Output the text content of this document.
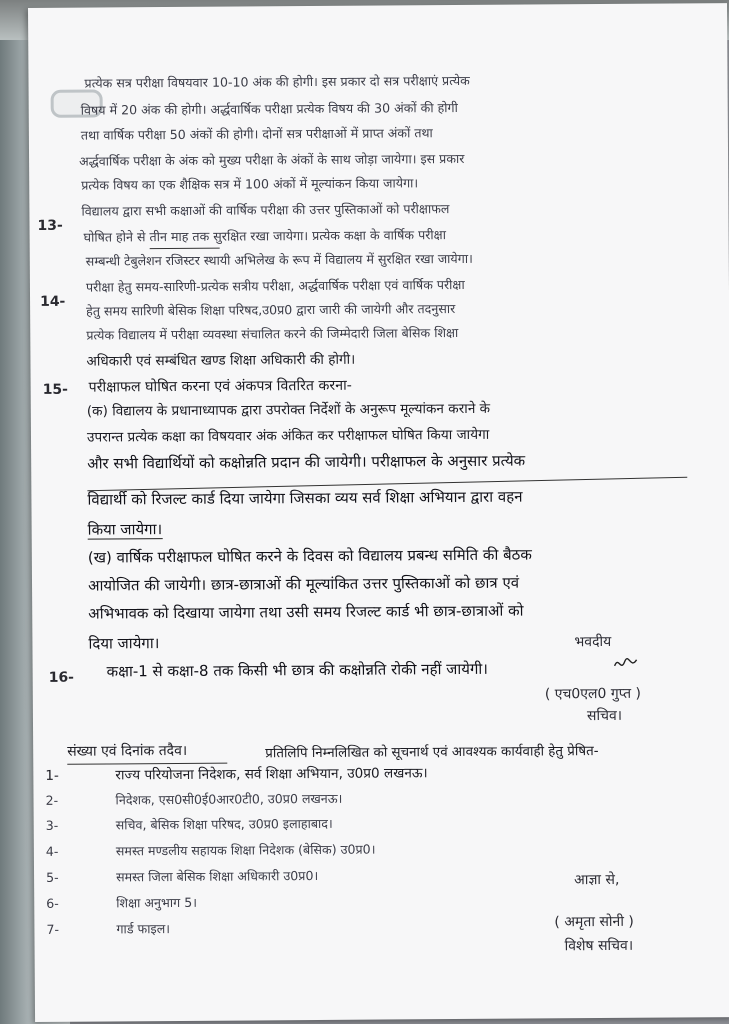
प्रत्येक सत्र परीक्षा विषयवार 10-10 अंक की होगी। इस प्रकार दो सत्र परीक्षाएं प्रत्येक
विषय में 20 अंक की होगी। अर्द्धवार्षिक परीक्षा प्रत्येक विषय की 30 अंकों की होगी
तथा वार्षिक परीक्षा 50 अंकों की होगी। दोनों सत्र परीक्षाओं में प्राप्त अंकों तथा
अर्द्धवार्षिक परीक्षा के अंक को मुख्य परीक्षा के अंकों के साथ जोड़ा जायेगा। इस प्रकार
प्रत्येक विषय का एक शैक्षिक सत्र में 100 अंकों में मूल्यांकन किया जायेगा।
13-
विद्यालय द्वारा सभी कक्षाओं की वार्षिक परीक्षा की उत्तर पुस्तिकाओं को परीक्षाफल
घोषित होने से तीन माह तक सुरक्षित रखा जायेगा। प्रत्येक कक्षा के वार्षिक परीक्षा
सम्बन्धी टेबुलेशन रजिस्टर स्थायी अभिलेख के रूप में विद्यालय में सुरक्षित रखा जायेगा।
14-
परीक्षा हेतु समय-सारिणी-प्रत्येक सत्रीय परीक्षा, अर्द्धवार्षिक परीक्षा एवं वार्षिक परीक्षा
हेतु समय सारिणी बेसिक शिक्षा परिषद,उ0प्र0 द्वारा जारी की जायेगी और तदनुसार
प्रत्येक विद्यालय में परीक्षा व्यवस्था संचालित करने की जिम्मेदारी जिला बेसिक शिक्षा
अधिकारी एवं सम्बंधित खण्ड शिक्षा अधिकारी की होगी।
15- परीक्षाफल घोषित करना एवं अंकपत्र वितरित करना-
(क) विद्यालय के प्रधानाध्यापक द्वारा उपरोक्त निर्देशों के अनुरूप मूल्यांकन कराने के
उपरान्त प्रत्येक कक्षा का विषयवार अंक अंकित कर परीक्षाफल घोषित किया जायेगा
और सभी विद्यार्थियों को कक्षोन्नति प्रदान की जायेगी। परीक्षाफल के अनुसार प्रत्येक
विद्यार्थी को रिजल्ट कार्ड दिया जायेगा जिसका व्यय सर्व शिक्षा अभियान द्वारा वहन
किया जायेगा।
(ख) वार्षिक परीक्षाफल घोषित करने के दिवस को विद्यालय प्रबन्ध समिति की बैठक
आयोजित की जायेगी। छात्र-छात्राओं की मूल्यांकित उत्तर पुस्तिकाओं को छात्र एवं
अभिभावक को दिखाया जायेगा तथा उसी समय रिजल्ट कार्ड भी छात्र-छात्राओं को
दिया जायेगा।
16- कक्षा-1 से कक्षा-8 तक किसी भी छात्र की कक्षोन्नति रोकी नहीं जायेगी।
भवदीय
( एच0एल0 गुप्त )
सचिव।
संख्या एवं दिनांक तदैव।	प्रतिलिपि निम्नलिखित को सूचनार्थ एवं आवश्यक कार्यवाही हेतु प्रेषित-
1-	राज्य परियोजना निदेशक, सर्व शिक्षा अभियान, उ0प्र0 लखनऊ।
2-	निदेशक, एस0सी0ई0आर0टी0, उ0प्र0 लखनऊ।
3-	सचिव, बेसिक शिक्षा परिषद, उ0प्र0 इलाहाबाद।
4-	समस्त मण्डलीय सहायक शिक्षा निदेशक (बेसिक) उ0प्र0।
5-	समस्त जिला बेसिक शिक्षा अधिकारी उ0प्र0।
6-	शिक्षा अनुभाग 5।
7-	गार्ड फाइल।
आज्ञा से,
( अमृता सोनी )
विशेष सचिव।
